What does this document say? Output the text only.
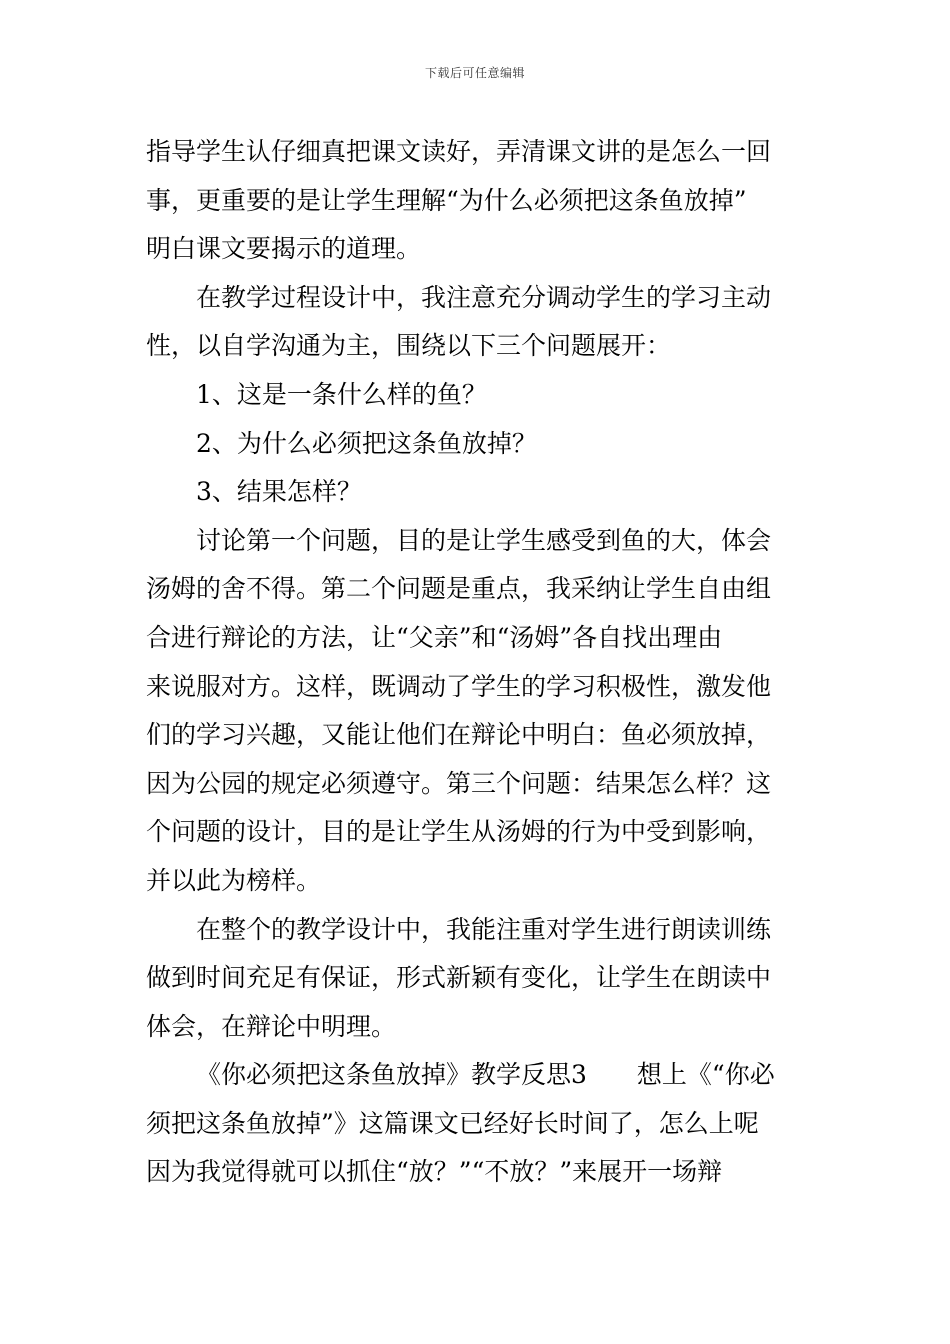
下载后可任意编辑
指导学生认仔细真把课文读好，弄清课文讲的是怎么一回
事，更重要的是让学生理解“为什么必须把这条鱼放掉”
明白课文要揭示的道理。
在教学过程设计中，我注意充分调动学生的学习主动
性，以自学沟通为主，围绕以下三个问题展开：
1、这是一条什么样的鱼？
2、为什么必须把这条鱼放掉？
3、结果怎样？
讨论第一个问题，目的是让学生感受到鱼的大，体会
汤姆的舍不得。第二个问题是重点，我采纳让学生自由组
合进行辩论的方法，让“父亲”和“汤姆”各自找出理由
来说服对方。这样，既调动了学生的学习积极性，激发他
们的学习兴趣，又能让他们在辩论中明白：鱼必须放掉，
因为公园的规定必须遵守。第三个问题：结果怎么样？这
个问题的设计，目的是让学生从汤姆的行为中受到影响，
并以此为榜样。
在整个的教学设计中，我能注重对学生进行朗读训练
做到时间充足有保证，形式新颖有变化，让学生在朗读中
体会，在辩论中明理。
《你必须把这条鱼放掉》教学反思3　　想上《“你必
须把这条鱼放掉”》这篇课文已经好长时间了，怎么上呢
因为我觉得就可以抓住“放？”“不放？”来展开一场辩
